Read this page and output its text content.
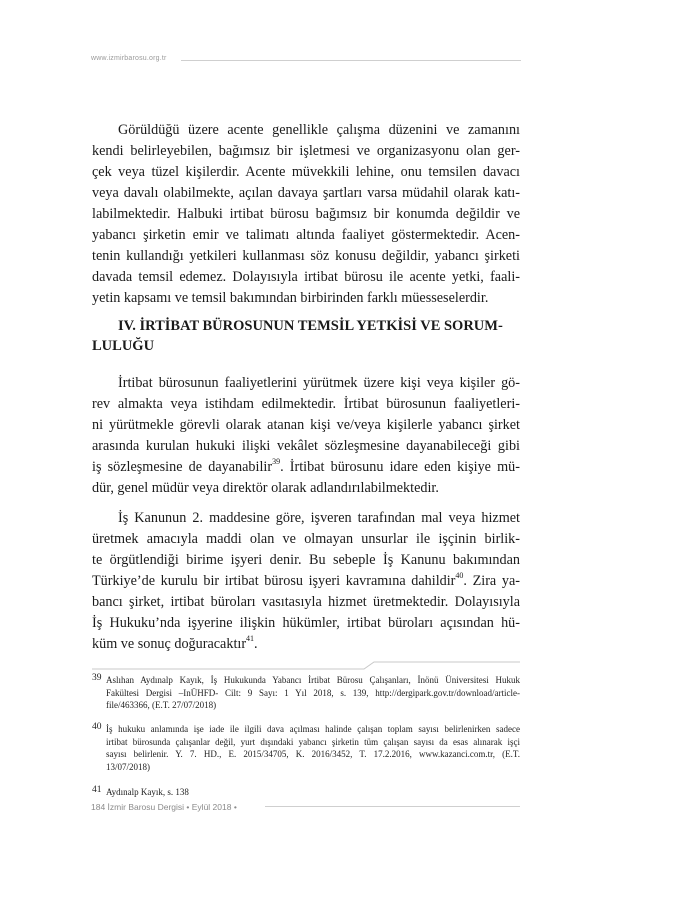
www.izmirbarosu.org.tr
Görüldüğü üzere acente genellikle çalışma düzenini ve zamanını
kendi belirleyebilen, bağımsız bir işletmesi ve organizasyonu olan ger-
çek veya tüzel kişilerdir. Acente müvekkili lehine, onu temsilen davacı
veya davalı olabilmekte, açılan davaya şartları varsa müdahil olarak katı-
labilmektedir. Halbuki irtibat bürosu bağımsız bir konumda değildir ve
yabancı şirketin emir ve talimatı altında faaliyet göstermektedir. Acen-
tenin kullandığı yetkileri kullanması söz konusu değildir, yabancı şirketi
davada temsil edemez. Dolayısıyla irtibat bürosu ile acente yetki, faali-
yetin kapsamı ve temsil bakımından birbirinden farklı müesseselerdir.
IV. İRTİBAT BÜROSUNUN TEMSİL YETKİSİ VE SORUM-
LULUĞU
İrtibat bürosunun faaliyetlerini yürütmek üzere kişi veya kişiler gö-
rev almakta veya istihdam edilmektedir. İrtibat bürosunun faaliyetleri-
ni yürütmekle görevli olarak atanan kişi ve/veya kişilerle yabancı şirket
arasında kurulan hukuki ilişki vekâlet sözleşmesine dayanabileceği gibi
iş sözleşmesine de dayanabilir$^{39}$. İrtibat bürosunu idare eden kişiye mü-
dür, genel müdür veya direktör olarak adlandırılabilmektedir.
İş Kanunun 2. maddesine göre, işveren tarafından mal veya hizmet
üretmek amacıyla maddi olan ve olmayan unsurlar ile işçinin birlik-
te örgütlendiği birime işyeri denir. Bu sebeple İş Kanunu bakımından
Türkiye’de kurulu bir irtibat bürosu işyeri kavramına dahildir$^{40}$. Zira ya-
bancı şirket, irtibat büroları vasıtasıyla hizmet üretmektedir. Dolayısıyla
İş Hukuku’nda işyerine ilişkin hükümler, irtibat büroları açısından hü-
küm ve sonuç doğuracaktır$^{41}$.
39 Aslıhan Aydınalp Kayık, İş Hukukunda Yabancı İrtibat Bürosu Çalışanları, İnönü Üniversitesi Hukuk
Fakültesi Dergisi –InÜHFD- Cilt: 9 Sayı: 1 Yıl 2018, s. 139, http://dergipark.gov.tr/download/article-
file/463366, (E.T. 27/07/2018)
40 İş hukuku anlamında işe iade ile ilgili dava açılması halinde çalışan toplam sayısı belirlenirken sadece
irtibat bürosunda çalışanlar değil, yurt dışındaki yabancı şirketin tüm çalışan sayısı da esas alınarak işçi
sayısı belirlenir. Y. 7. HD., E. 2015/34705, K. 2016/3452, T. 17.2.2016, www.kazanci.com.tr, (E.T.
13/07/2018)
41 Aydınalp Kayık, s. 138
184 İzmir Barosu Dergisi • Eylül 2018 •
